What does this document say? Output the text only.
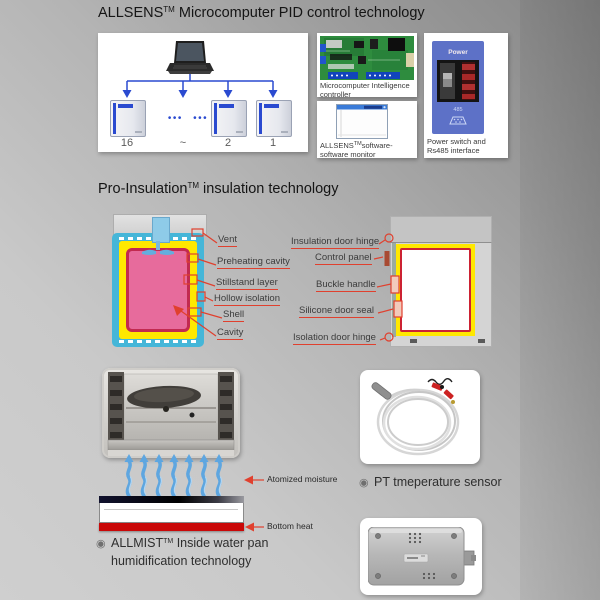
ALLSENS™ Microcomputer PID control technology
••• •••
16	~	2	1
Microcomputer Intelligence controller
ALLSENS™software-software monitor
Power
485
Power switch and Rs485 interface
Pro-Insulation™ insulation technology
Vent
Preheating cavity
Stillstand layer
Hollow isolation
Shell
Cavity
Insulation door hinge
Control panel
Buckle handle
Silicone door seal
Isolation door hinge
Atomized moisture
Bottom heat
◉ ALLMIST™ Inside water pan
humidification technology
◉ PT tmeperature sensor
